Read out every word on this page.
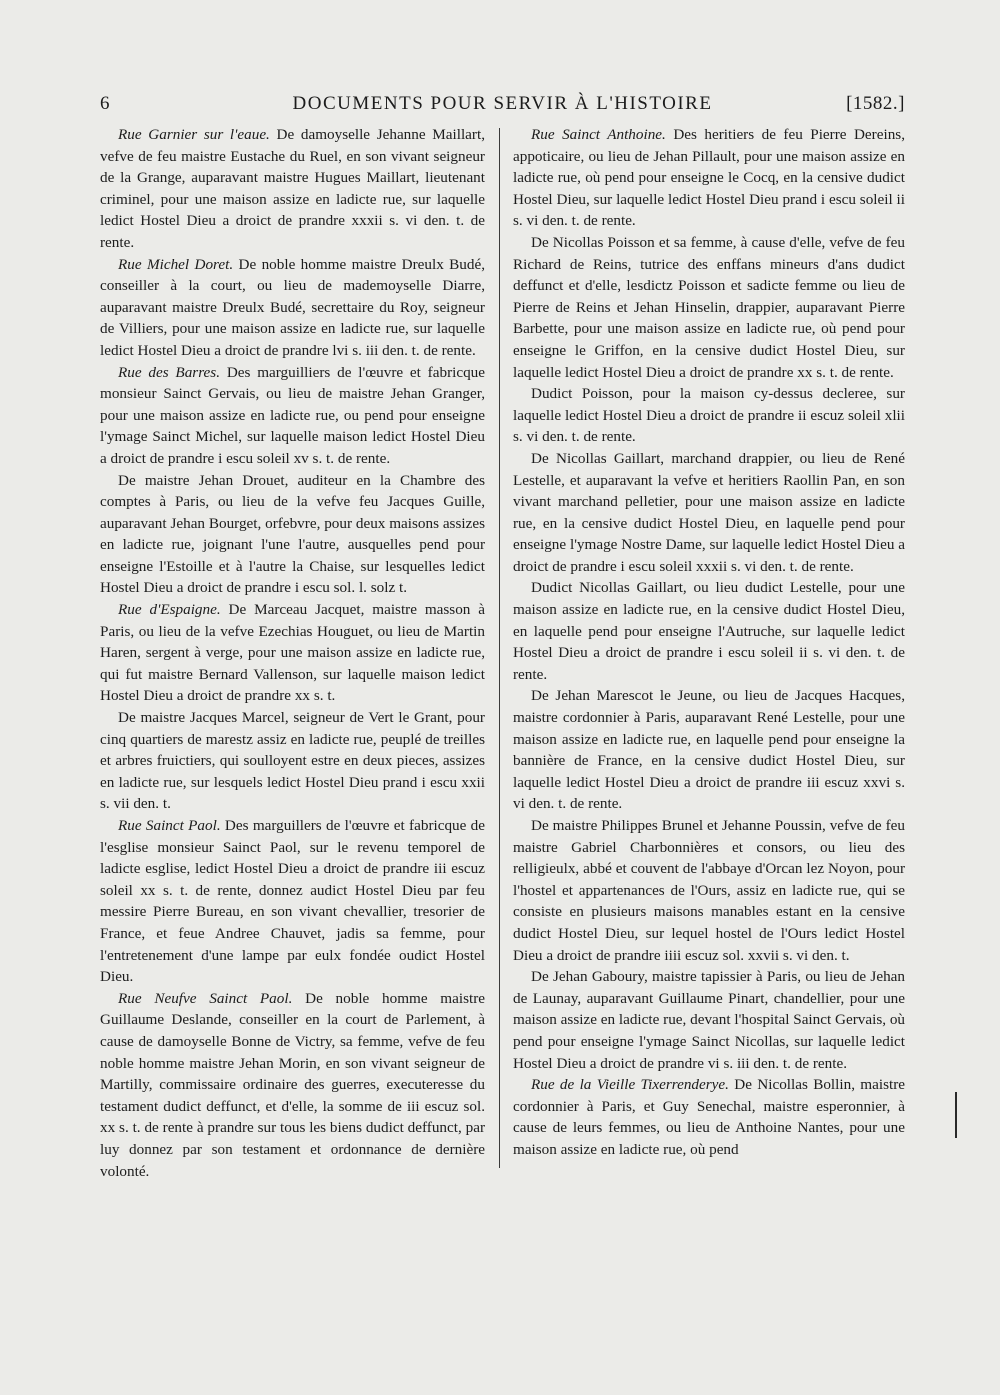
6	DOCUMENTS POUR SERVIR À L'HISTOIRE	[1582.]

Rue Garnier sur l'eaue. De damoyselle Jehanne Maillart, vefve de feu maistre Eustache du Ruel, en son vivant seigneur de la Grange, auparavant maistre Hugues Maillart, lieutenant criminel, pour une maison assize en ladicte rue, sur laquelle ledict Hostel Dieu a droict de prandre xxxii s. vi den. t. de rente.

Rue Michel Doret. De noble homme maistre Dreulx Budé, conseiller à la court, ou lieu de mademoyselle Diarre, auparavant maistre Dreulx Budé, secrettaire du Roy, seigneur de Villiers, pour une maison assize en ladicte rue, sur laquelle ledict Hostel Dieu a droict de prandre lvi s. iii den. t. de rente.

Rue des Barres. Des marguilliers de l'œuvre et fabricque monsieur Sainct Gervais, ou lieu de maistre Jehan Granger, pour une maison assize en ladicte rue, ou pend pour enseigne l'ymage Sainct Michel, sur laquelle maison ledict Hostel Dieu a droict de prandre i escu soleil xv s. t. de rente.

De maistre Jehan Drouet, auditeur en la Chambre des comptes à Paris, ou lieu de la vefve feu Jacques Guille, auparavant Jehan Bourget, orfebvre, pour deux maisons assizes en ladicte rue, joignant l'une l'autre, ausquelles pend pour enseigne l'Estoille et à l'autre la Chaise, sur lesquelles ledict Hostel Dieu a droict de prandre i escu sol. l. solz t.

Rue d'Espaigne. De Marceau Jacquet, maistre masson à Paris, ou lieu de la vefve Ezechias Houguet, ou lieu de Martin Haren, sergent à verge, pour une maison assize en ladicte rue, qui fut maistre Bernard Vallenson, sur laquelle maison ledict Hostel Dieu a droict de prandre xx s. t.

De maistre Jacques Marcel, seigneur de Vert le Grant, pour cinq quartiers de marestz assiz en ladicte rue, peuplé de treilles et arbres fruictiers, qui soulloyent estre en deux pieces, assizes en ladicte rue, sur lesquels ledict Hostel Dieu prand i escu xxii s. vii den. t.

Rue Sainct Paol. Des marguillers de l'œuvre et fabricque de l'esglise monsieur Sainct Paol, sur le revenu temporel de ladicte esglise, ledict Hostel Dieu a droict de prandre iii escuz soleil xx s. t. de rente, donnez audict Hostel Dieu par feu messire Pierre Bureau, en son vivant chevallier, tresorier de France, et feue Andree Chauvet, jadis sa femme, pour l'entretenement d'une lampe par eulx fondée oudict Hostel Dieu.

Rue Neufve Sainct Paol. De noble homme maistre Guillaume Deslande, conseiller en la court de Parlement, à cause de damoyselle Bonne de Victry, sa femme, vefve de feu noble homme maistre Jehan Morin, en son vivant seigneur de Martilly, commissaire ordinaire des guerres, executeresse du testament dudict deffunct, et d'elle, la somme de iii escuz sol. xx s. t. de rente à prandre sur tous les biens dudict deffunct, par luy donnez par son testament et ordonnance de dernière volonté.

Rue Sainct Anthoine. Des heritiers de feu Pierre Dereins, appoticaire, ou lieu de Jehan Pillault, pour une maison assize en ladicte rue, où pend pour enseigne le Cocq, en la censive dudict Hostel Dieu, sur laquelle ledict Hostel Dieu prand i escu soleil ii s. vi den. t. de rente.

De Nicollas Poisson et sa femme, à cause d'elle, vefve de feu Richard de Reins, tutrice des enffans mineurs d'ans dudict deffunct et d'elle, lesdictz Poisson et sadicte femme ou lieu de Pierre de Reins et Jehan Hinselin, drappier, auparavant Pierre Barbette, pour une maison assize en ladicte rue, où pend pour enseigne le Griffon, en la censive dudict Hostel Dieu, sur laquelle ledict Hostel Dieu a droict de prandre xx s. t. de rente.

Dudict Poisson, pour la maison cy-dessus decleree, sur laquelle ledict Hostel Dieu a droict de prandre ii escuz soleil xlii s. vi den. t. de rente.

De Nicollas Gaillart, marchand drappier, ou lieu de René Lestelle, et auparavant la vefve et heritiers Raollin Pan, en son vivant marchand pelletier, pour une maison assize en ladicte rue, en la censive dudict Hostel Dieu, en laquelle pend pour enseigne l'ymage Nostre Dame, sur laquelle ledict Hostel Dieu a droict de prandre i escu soleil xxxii s. vi den. t. de rente.

Dudict Nicollas Gaillart, ou lieu dudict Lestelle, pour une maison assize en ladicte rue, en la censive dudict Hostel Dieu, en laquelle pend pour enseigne l'Autruche, sur laquelle ledict Hostel Dieu a droict de prandre i escu soleil ii s. vi den. t. de rente.

De Jehan Marescot le Jeune, ou lieu de Jacques Hacques, maistre cordonnier à Paris, auparavant René Lestelle, pour une maison assize en ladicte rue, en laquelle pend pour enseigne la bannière de France, en la censive dudict Hostel Dieu, sur laquelle ledict Hostel Dieu a droict de prandre iii escuz xxvi s. vi den. t. de rente.

De maistre Philippes Brunel et Jehanne Poussin, vefve de feu maistre Gabriel Charbonnières et consors, ou lieu des relligieulx, abbé et couvent de l'abbaye d'Orcan lez Noyon, pour l'hostel et appartenances de l'Ours, assiz en ladicte rue, qui se consiste en plusieurs maisons manables estant en la censive dudict Hostel Dieu, sur lequel hostel de l'Ours ledict Hostel Dieu a droict de prandre iiii escuz sol. xxvii s. vi den. t.

De Jehan Gaboury, maistre tapissier à Paris, ou lieu de Jehan de Launay, auparavant Guillaume Pinart, chandellier, pour une maison assize en ladicte rue, devant l'hospital Sainct Gervais, où pend pour enseigne l'ymage Sainct Nicollas, sur laquelle ledict Hostel Dieu a droict de prandre vi s. iii den. t. de rente.

Rue de la Vieille Tixerrenderye. De Nicollas Bollin, maistre cordonnier à Paris, et Guy Senechal, maistre esperonnier, à cause de leurs femmes, ou lieu de Anthoine Nantes, pour une maison assize en ladicte rue, où pend
